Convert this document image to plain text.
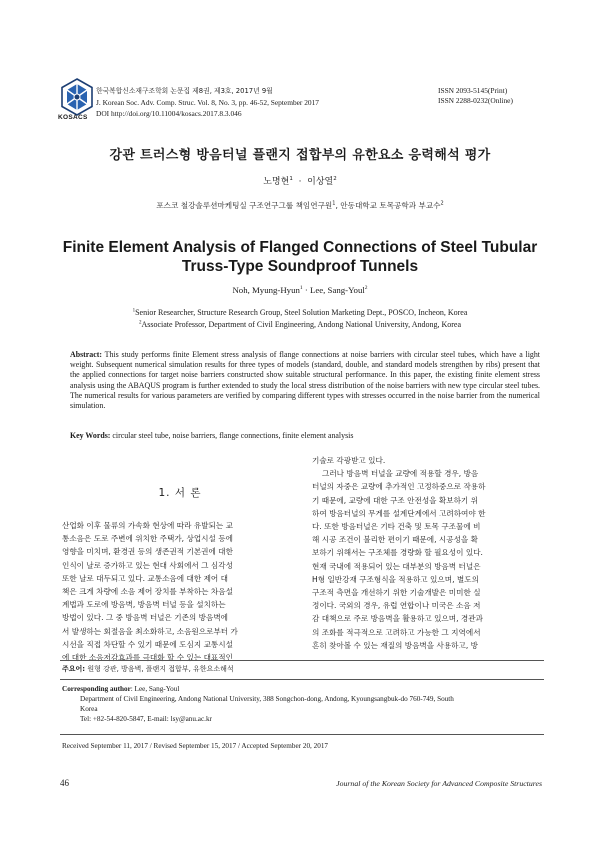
KOSACS
한국복합신소재구조학회 논문집 제8권, 제3호, 2017년 9월
J. Korean Soc. Adv. Comp. Struc. Vol. 8, No. 3, pp. 46-52, September 2017
DOI http://doi.org/10.11004/kosacs.2017.8.3.046
ISSN 2093-5145(Print)
ISSN 2288-0232(Online)
강관 트러스형 방음터널 플랜지 접합부의 유한요소 응력해석 평가
노명현$^1$ · 이상열$^2$
포스코 철강솔루션마케팅실 구조연구그룹 책임연구원$^1$, 안동대학교 토목공학과 부교수$^2$
Finite Element Analysis of Flanged Connections of Steel Tubular
Truss-Type Soundproof Tunnels
Noh, Myung-Hyun$^1$ · Lee, Sang-Youl$^2$
$^1$Senior Researcher, Structure Research Group, Steel Solution Marketing Dept., POSCO, Incheon, Korea
$^2$Associate Professor, Department of Civil Engineering, Andong National University, Andong, Korea
Abstract: This study performs finite Element stress analysis of flange connections at noise barriers with circular steel tubes, which have a light weight. Subsequent numerical simulation results for three types of models (standard, double, and standard models strengthen by ribs) present that the applied connections for target noise barriers constructed show suitable structural performance. In this paper, the existing finite element stress analysis using the ABAQUS program is further extended to study the local stress distribution of the noise barriers with new type circular steel tubes. The numerical results for various parameters are verified by comparing different types with stresses occurred in the noise barrier from the numerical simulation.
Key Words: circular steel tube, noise barriers, flange connections, finite element analysis
1. 서 론

산업화 이후 물류의 가속화 현상에 따라 유발되는 교

통소음은 도로 주변에 위치한 주택가, 상업시설 등에

영향을 미치며, 환경권 등의 생존권적 기본권에 대한

인식이 날로 증가하고 있는 현대 사회에서 그 심각성

또한 날로 대두되고 있다. 교통소음에 대한 제어 대

책은 크게 차량에 소음 제어 장치를 부착하는 차음설

계법과 도로에 방음벽, 방음벽 터널 등을 설치하는

방법이 있다. 그 중 방음벽 터널은 기존의 방음벽에

서 발생하는 회절음을 최소화하고, 소음원으로부터 가

시선을 직접 차단할 수 있기 때문에 도심지 교통시설

에 대한 소음저감효과를 극대화 할 수 있는 대표적인

기술로 각광받고 있다.

그러나 방음벽 터널을 교량에 적용할 경우, 방음

터널의 자중은 교량에 추가적인 고정하중으로 작용하

기 때문에, 교량에 대한 구조 안전성을 확보하기 위

하여 방음터널의 무게를 설계단계에서 고려하여야 한

다. 또한 방음터널은 기타 건축 및 토목 구조물에 비

해 시공 조건이 불리한 편이기 때문에, 시공성을 확

보하기 위해서는 구조체를 경량화 할 필요성이 있다.

현재 국내에 적용되어 있는 대부분의 방음벽 터널은

H형 일반강재 구조형식을 적용하고 있으며, 별도의

구조적 측면을 개선하기 위한 기술개발은 미미한 실

정이다. 국외의 경우, 유럽 연합이나 미국은 소음 저

감 대책으로 주로 방음벽을 활용하고 있으며, 경관과

의 조화를 적극적으로 고려하고 가능한 그 지역에서

흔히 찾아볼 수 있는 재질의 방음벽을 사용하고, 방

주요어: 원형 강관, 방음벽, 플랜지 접합부, 유한요소해석
Corresponding author: Lee, Sang-Youl
Department of Civil Engineering, Andong National University, 388 Songchon-dong, Andong, Kyoungsangbuk-do 760-749, South
Korea
Tel: +82-54-820-5847, E-mail: lsy@anu.ac.kr
Received September 11, 2017 / Revised September 15, 2017 / Accepted September 20, 2017
46	Journal of the Korean Society for Advanced Composite Structures
